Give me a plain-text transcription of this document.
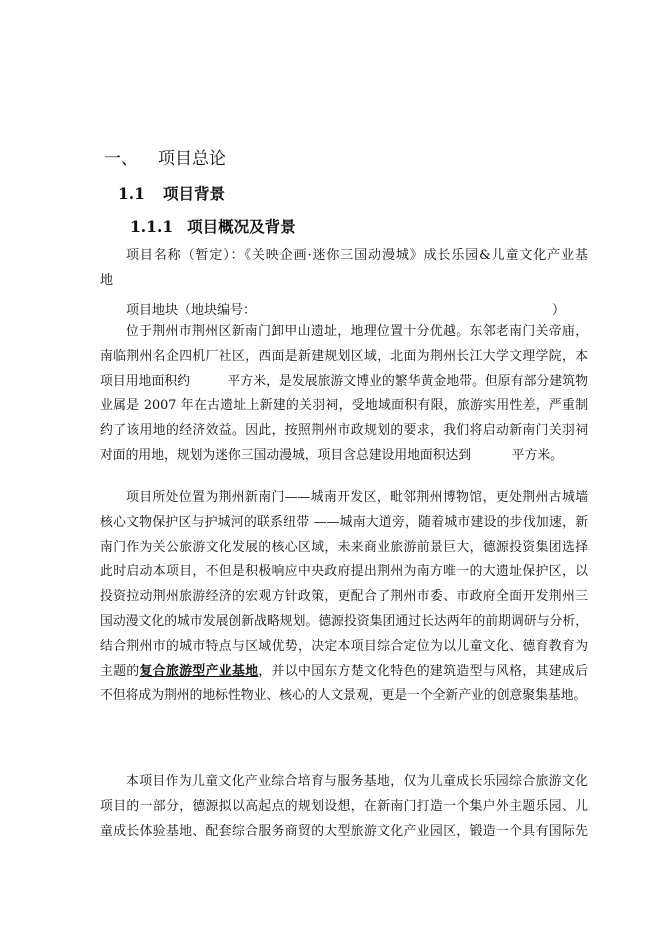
一、 项目总论
1.1 项目背景
1.1.1 项目概况及背景
项目名称（暂定）：《关映企画·迷你三国动漫城》成长乐园&儿童文化产业基
地
项目地块（地块编号：	）
位于荆州市荆州区新南门卸甲山遗址，地理位置十分优越。东邻老南门关帝庙，
南临荆州名企四机厂社区，西面是新建规划区域，北面为荆州长江大学文理学院，本
项目用地面积约         平方米，是发展旅游文博业的繁华黄金地带。但原有部分建筑物
业属是 2007 年在古遗址上新建的关羽祠，受地域面积有限，旅游实用性差，严重制
约了该用地的经济效益。因此，按照荆州市政规划的要求，我们将启动新南门关羽祠
对面的用地，规划为迷你三国动漫城，项目含总建设用地面积达到          平方米。
项目所处位置为荆州新南门——城南开发区，毗邻荆州博物馆，更处荆州古城墙
核心文物保护区与护城河的联系纽带 ——城南大道旁，随着城市建设的步伐加速，新
南门作为关公旅游文化发展的核心区域，未来商业旅游前景巨大，德源投资集团选择
此时启动本项目，不但是积极响应中央政府提出荆州为南方唯一的大遗址保护区，以
投资拉动荆州旅游经济的宏观方针政策，更配合了荆州市委、市政府全面开发荆州三
国动漫文化的城市发展创新战略规划。德源投资集团通过长达两年的前期调研与分析，
结合荆州市的城市特点与区域优势，决定本项目综合定位为以儿童文化、德育教育为
主题的复合旅游型产业基地，并以中国东方楚文化特色的建筑造型与风格，其建成后
不但将成为荆州的地标性物业、核心的人文景观，更是一个全新产业的创意聚集基地。
本项目作为儿童文化产业综合培育与服务基地，仅为儿童成长乐园综合旅游文化
项目的一部分，德源拟以高起点的规划设想，在新南门打造一个集户外主题乐园、儿
童成长体验基地、配套综合服务商贸的大型旅游文化产业园区，锻造一个具有国际先
